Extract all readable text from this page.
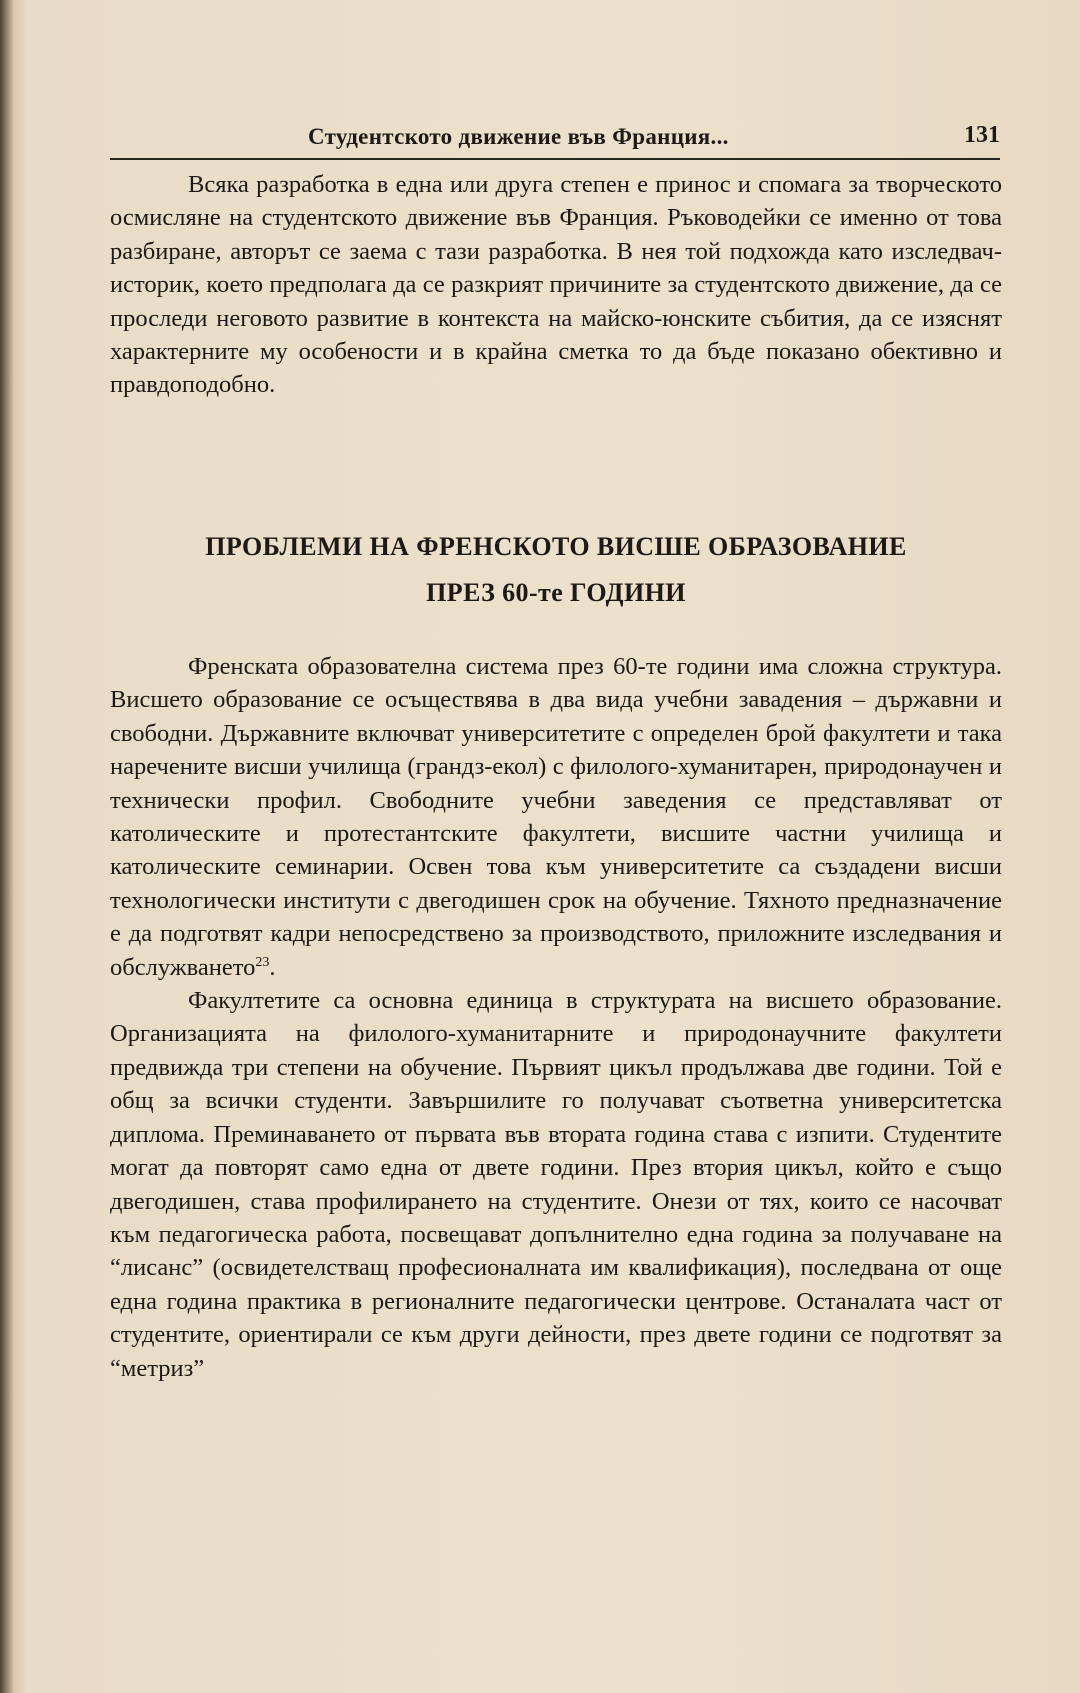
Студентското движение във Франция...	131

Всяка разработка в една или друга степен е принос и спомага за творческото осмисляне на студентското движение във Франция. Ръководейки се именно от това разбиране, авторът се заема с тази разработка. В нея той подхожда като изследвач-историк, което предполага да се разкрият причините за студентското движение, да се проследи неговото развитие в контекста на майско-юнските събития, да се изяснят характерните му особености и в крайна сметка то да бъде показано обективно и правдоподобно.

ПРОБЛЕМИ НА ФРЕНСКОТО ВИСШЕ ОБРАЗОВАНИЕ
ПРЕЗ 60-те ГОДИНИ

Френската образователна система през 60-те години има сложна структура. Висшето образование се осъществява в два вида учебни завадения – държавни и свободни. Държавните включват университетите с определен брой факултети и така наречените висши училища (грандз-екол) с филолого-хуманитарен, природонаучен и технически профил. Свободните учебни заведения се представляват от католическите и протестантските факултети, висшите частни училища и католическите семинарии. Освен това към университетите са създадени висши технологически институти с двегодишен срок на обучение. Тяхното предназначение е да подготвят кадри непосредствено за производството, приложните изследвания и обслужването$^{23}$.

Факултетите са основна единица в структурата на висшето образование. Организацията на филолого-хуманитарните и природонаучните факултети предвижда три степени на обучение. Първият цикъл продължава две години. Той е общ за всички студенти. Завършилите го получават съответна университетска диплома. Преминаването от първата във втората година става с изпити. Студентите могат да повторят само една от двете години. През втория цикъл, който е също двегодишен, става профилирането на студентите. Онези от тях, които се насочват към педагогическа работа, посвещават допълнително една година за получаване на “лисанс” (освидетелстващ професионалната им квалификация), последвана от още една година практика в регионалните педагогически центрове. Останалата част от студентите, ориентирали се към други дейности, през двете години се подготвят за “метриз”
